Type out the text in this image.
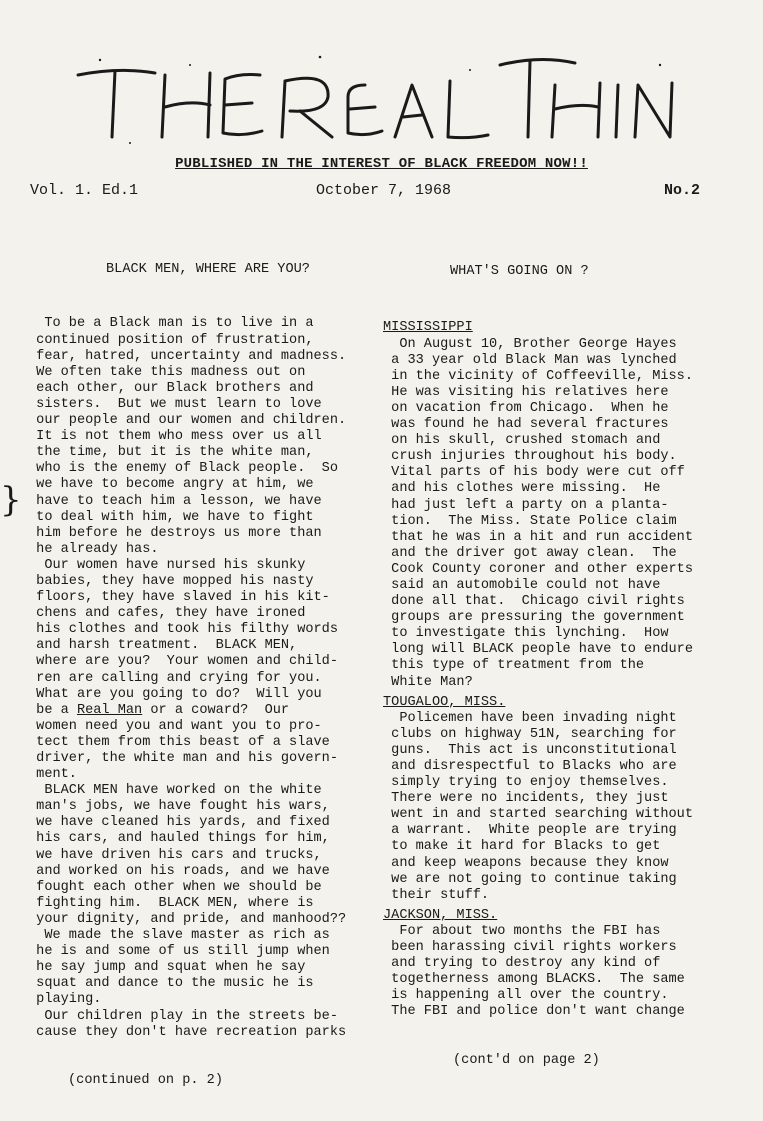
PUBLISHED IN THE INTEREST OF BLACK FREEDOM NOW!!
Vol. 1. Ed.1	October 7, 1968	No.2
}

BLACK MEN, WHERE ARE YOU?

To be a Black man is to live in a
continued position of frustration,
fear, hatred, uncertainty and madness.
We often take this madness out on
each other, our Black brothers and
sisters.  But we must learn to love
our people and our women and children.
It is not them who mess over us all
the time, but it is the white man,
who is the enemy of Black people.  So
we have to become angry at him, we
have to teach him a lesson, we have
to deal with him, we have to fight
him before he destroys us more than
he already has.
Our women have nursed his skunky
babies, they have mopped his nasty
floors, they have slaved in his kit-
chens and cafes, they have ironed
his clothes and took his filthy words
and harsh treatment.  BLACK MEN,
where are you?  Your women and child-
ren are calling and crying for you.
What are you going to do?  Will you
be a Real Man or a coward?  Our
women need you and want you to pro-
tect them from this beast of a slave
driver, the white man and his govern-
ment.
BLACK MEN have worked on the white
man's jobs, we have fought his wars,
we have cleaned his yards, and fixed
his cars, and hauled things for him,
we have driven his cars and trucks,
and worked on his roads, and we have
fought each other when we should be
fighting him.  BLACK MEN, where is
your dignity, and pride, and manhood??
We made the slave master as rich as
he is and some of us still jump when
he say jump and squat when he say
squat and dance to the music he is
playing.
Our children play in the streets be-
cause they don't have recreation parks

(continued on p. 2)

WHAT'S GOING ON ?

MISSISSIPPI
On August 10, Brother George Hayes
a 33 year old Black Man was lynched
in the vicinity of Coffeeville, Miss.
He was visiting his relatives here
on vacation from Chicago.  When he
was found he had several fractures
on his skull, crushed stomach and
crush injuries throughout his body.
Vital parts of his body were cut off
and his clothes were missing.  He
had just left a party on a planta-
tion.  The Miss. State Police claim
that he was in a hit and run accident
and the driver got away clean.  The
Cook County coroner and other experts
said an automobile could not have
done all that.  Chicago civil rights
groups are pressuring the government
to investigate this lynching.  How
long will BLACK people have to endure
this type of treatment from the
White Man?
TOUGALOO, MISS.
Policemen have been invading night
clubs on highway 51N, searching for
guns.  This act is unconstitutional
and disrespectful to Blacks who are
simply trying to enjoy themselves.
There were no incidents, they just
went in and started searching without
a warrant.  White people are trying
to make it hard for Blacks to get
and keep weapons because they know
we are not going to continue taking
their stuff.
JACKSON, MISS.
For about two months the FBI has
been harassing civil rights workers
and trying to destroy any kind of
togetherness among BLACKS.  The same
is happening all over the country.
The FBI and police don't want change

(cont'd on page 2)
